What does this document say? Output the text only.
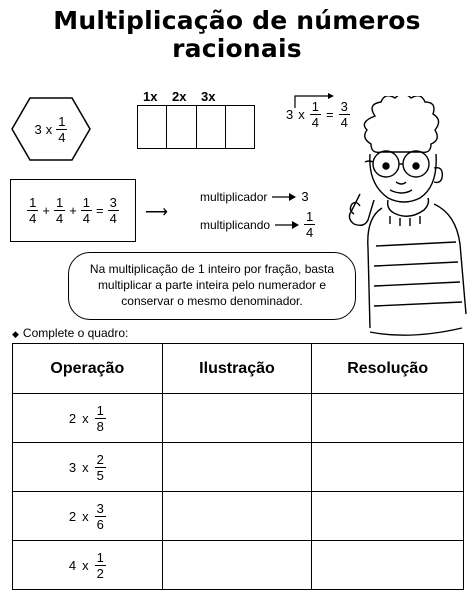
Multiplicação de números
racionais
3 x $\frac{1}{4}$
1x 2x 3x
3 x $\frac{1}{4} = \frac{3}{4}$
$\frac{1}{4} + \frac{1}{4} + \frac{1}{4} = \frac{3}{4}$ ⟶
multiplicador	3
multiplicando	$\frac{1}{4}$
Na multiplicação de 1 inteiro por fração, basta multiplicar a parte inteira pelo numerador e conservar o mesmo denominador.
◆ Complete o quadro:
Operação	Ilustração	Resolução

2 x $\frac{1}{8}$

3 x $\frac{2}{5}$

2 x $\frac{3}{6}$

4 x $\frac{1}{2}$
